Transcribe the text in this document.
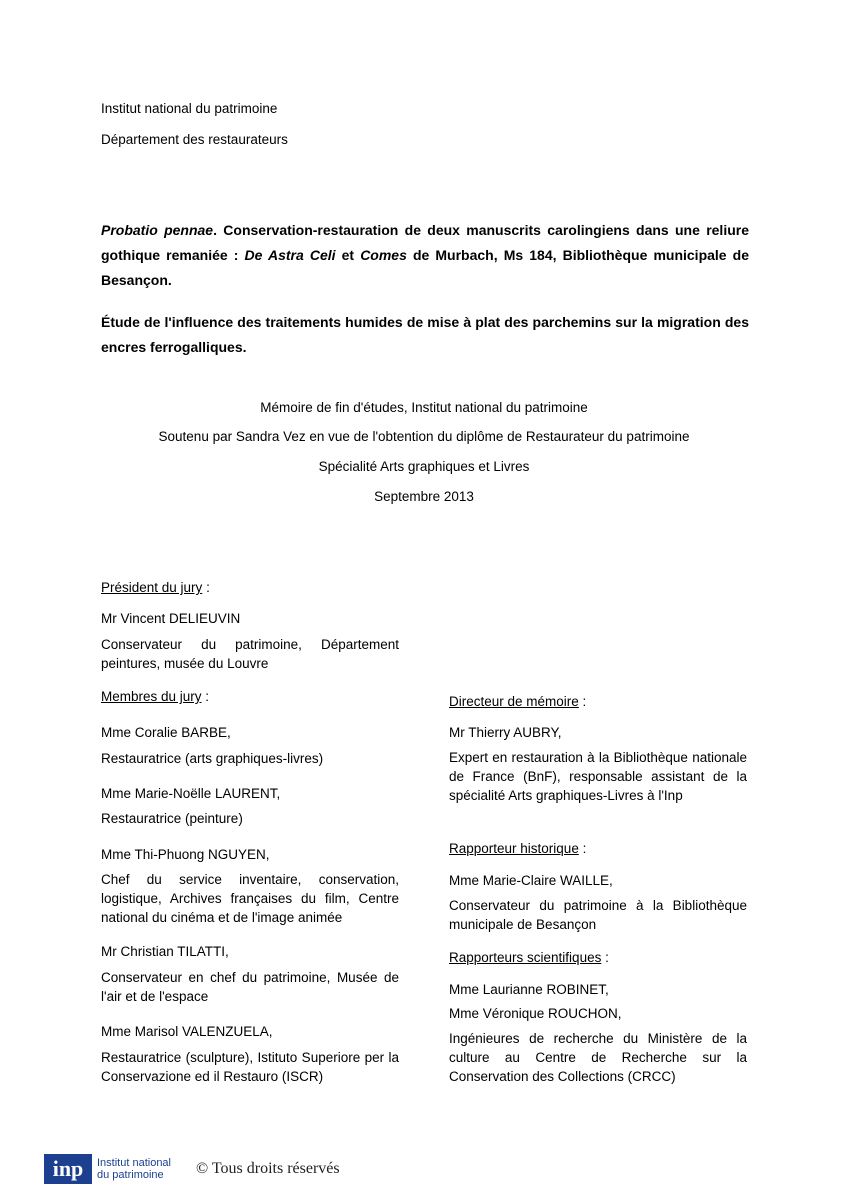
Institut national du patrimoine
Département des restaurateurs
Probatio pennae. Conservation-restauration de deux manuscrits carolingiens dans une reliure gothique remaniée : De Astra Celi et Comes de Murbach, Ms 184, Bibliothèque municipale de Besançon.
Étude de l'influence des traitements humides de mise à plat des parchemins sur la migration des encres ferrogalliques.
Mémoire de fin d'études, Institut national du patrimoine
Soutenu par Sandra Vez en vue de l'obtention du diplôme de Restaurateur du patrimoine
Spécialité Arts graphiques et Livres
Septembre 2013
Président du jury :
Mr Vincent DELIEUVIN
Conservateur du patrimoine, Département peintures, musée du Louvre
Membres du jury :
Mme Coralie BARBE,
Restauratrice (arts graphiques-livres)
Mme Marie-Noëlle LAURENT,
Restauratrice (peinture)
Mme Thi-Phuong NGUYEN,
Chef du service inventaire, conservation, logistique, Archives françaises du film, Centre national du cinéma et de l'image animée
Mr Christian TILATTI,
Conservateur en chef du patrimoine, Musée de l'air et de l'espace
Mme Marisol VALENZUELA,
Restauratrice (sculpture), Istituto Superiore per la Conservazione ed il Restauro (ISCR)
Directeur de mémoire :
Mr Thierry AUBRY,
Expert en restauration à la Bibliothèque nationale de France (BnF), responsable assistant de la spécialité Arts graphiques-Livres à l'Inp
Rapporteur historique :
Mme Marie-Claire WAILLE,
Conservateur du patrimoine à la Bibliothèque municipale de Besançon
Rapporteurs scientifiques :
Mme Laurianne ROBINET,
Mme Véronique ROUCHON,
Ingénieures de recherche du Ministère de la culture au Centre de Recherche sur la Conservation des Collections (CRCC)
inp	Institut national
du patrimoine	© Tous droits réservés
